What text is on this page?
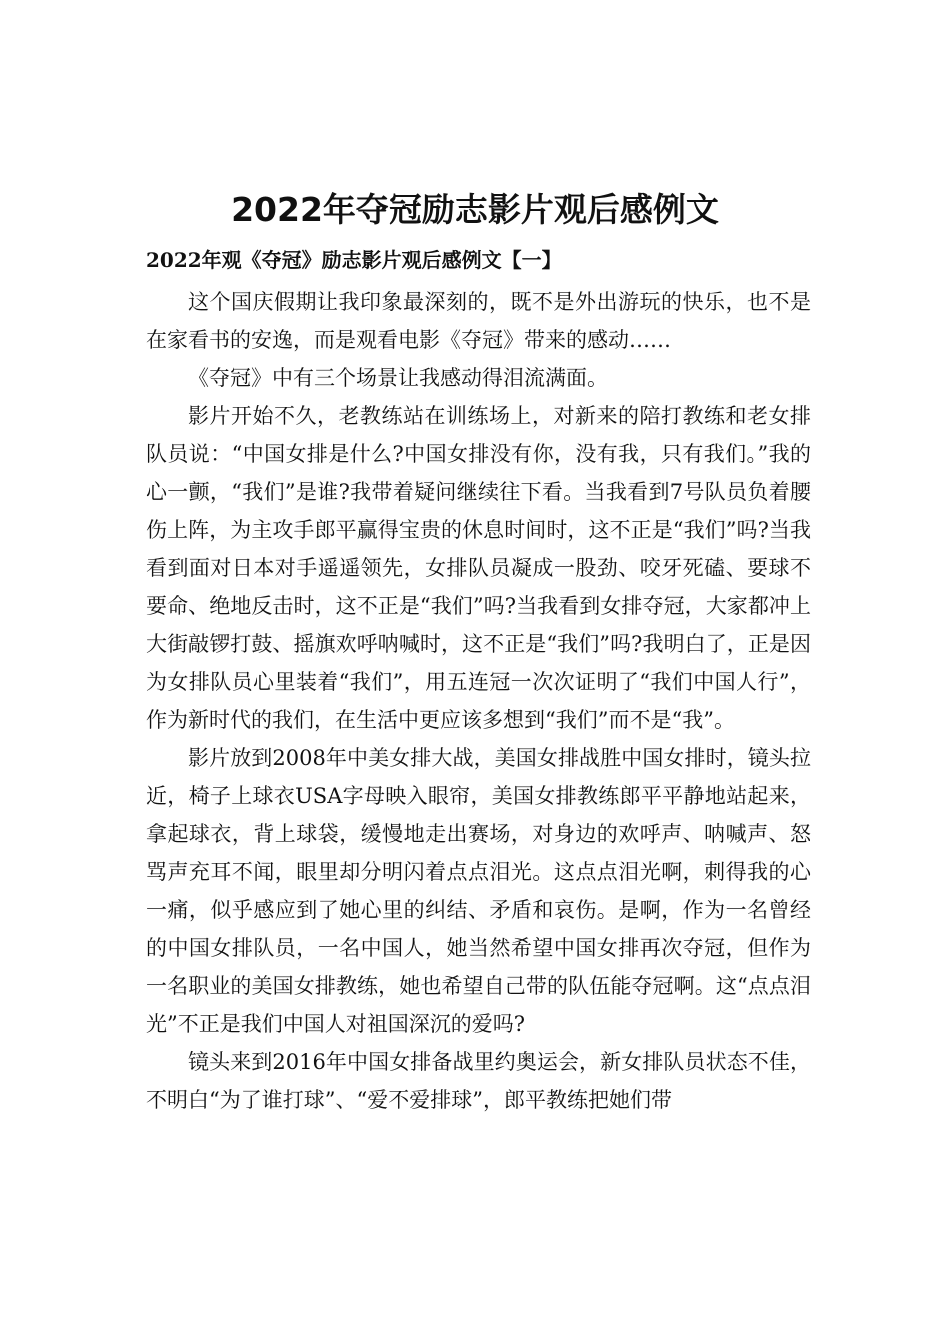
2022年夺冠励志影片观后感例文
2022年观《夺冠》励志影片观后感例文【一】

这个国庆假期让我印象最深刻的，既不是外出游玩的快乐，也不是在家看书的安逸，而是观看电影《夺冠》带来的感动……

《夺冠》中有三个场景让我感动得泪流满面。

影片开始不久，老教练站在训练场上，对新来的陪打教练和老女排队员说：“中国女排是什么?中国女排没有你，没有我，只有我们。”我的心一颤，“我们”是谁?我带着疑问继续往下看。当我看到7号队员负着腰伤上阵，为主攻手郎平赢得宝贵的休息时间时，这不正是“我们”吗?当我看到面对日本对手遥遥领先，女排队员凝成一股劲、咬牙死磕、要球不要命、绝地反击时，这不正是“我们”吗?当我看到女排夺冠，大家都冲上大街敲锣打鼓、摇旗欢呼呐喊时，这不正是“我们”吗?我明白了，正是因为女排队员心里装着“我们”，用五连冠一次次证明了“我们中国人行”，作为新时代的我们，在生活中更应该多想到“我们”而不是“我”。

影片放到2008年中美女排大战，美国女排战胜中国女排时，镜头拉近，椅子上球衣USA字母映入眼帘，美国女排教练郎平平静地站起来，拿起球衣，背上球袋，缓慢地走出赛场，对身边的欢呼声、呐喊声、怒骂声充耳不闻，眼里却分明闪着点点泪光。这点点泪光啊，刺得我的心一痛，似乎感应到了她心里的纠结、矛盾和哀伤。是啊，作为一名曾经的中国女排队员，一名中国人，她当然希望中国女排再次夺冠，但作为一名职业的美国女排教练，她也希望自己带的队伍能夺冠啊。这“点点泪光”不正是我们中国人对祖国深沉的爱吗?

镜头来到2016年中国女排备战里约奥运会，新女排队员状态不佳，不明白“为了谁打球”、“爱不爱排球”，郎平教练把她们带
